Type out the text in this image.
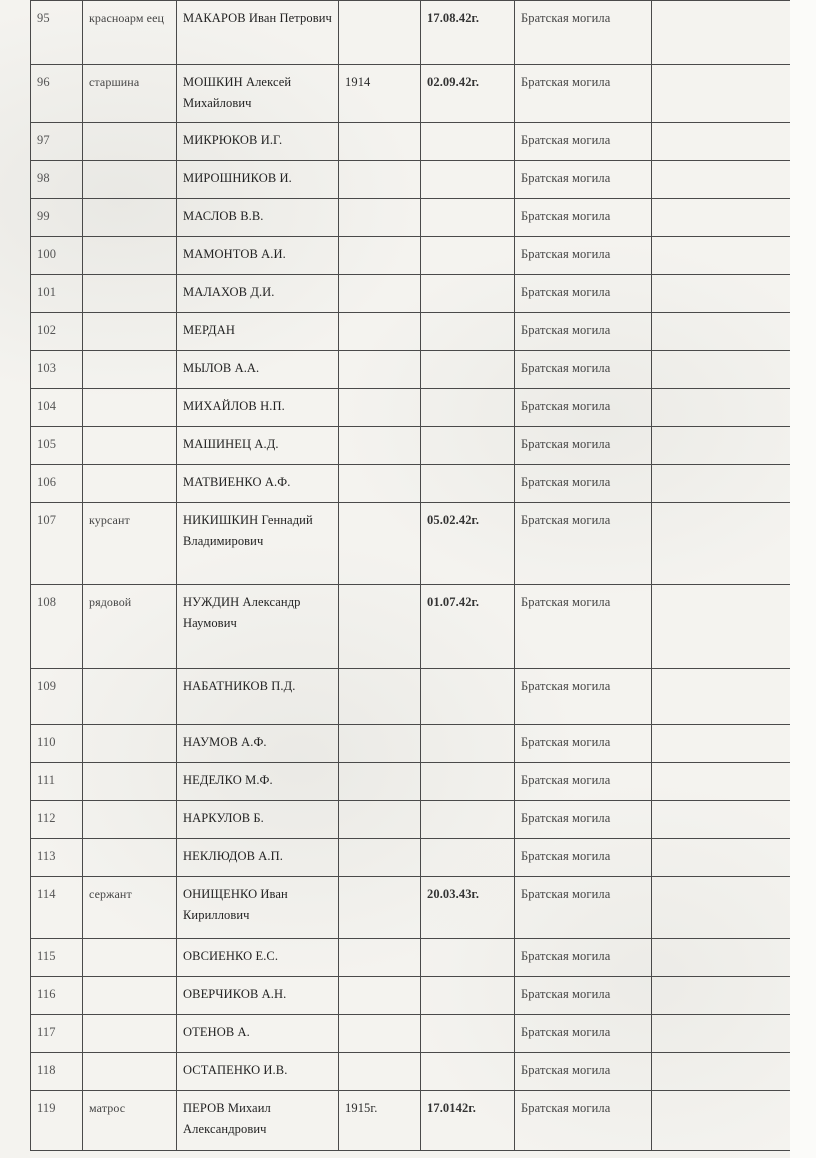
95	красноарм еец	МАКАРОВ Иван Петрович		17.08.42г.	Братская могила	
96	старшина	МОШКИН Алексей Михайлович	1914	02.09.42г.	Братская могила	
97		МИКРЮКОВ И.Г.			Братская могила	
98		МИРОШНИКОВ И.			Братская могила	
99		МАСЛОВ В.В.			Братская могила	
100		МАМОНТОВ А.И.			Братская могила	
101		МАЛАХОВ Д.И.			Братская могила	
102		МЕРДАН			Братская могила	
103		МЫЛОВ А.А.			Братская могила	
104		МИХАЙЛОВ Н.П.			Братская могила	
105		МАШИНЕЦ А.Д.			Братская могила	
106		МАТВИЕНКО А.Ф.			Братская могила	
107	курсант	НИКИШКИН Геннадий Владимирович		05.02.42г.	Братская могила	
108	рядовой	НУЖДИН Александр Наумович		01.07.42г.	Братская могила	
109		НАБАТНИКОВ П.Д.			Братская могила	
110		НАУМОВ А.Ф.			Братская могила	
111		НЕДЕЛКО М.Ф.			Братская могила	
112		НАРКУЛОВ Б.			Братская могила	
113		НЕКЛЮДОВ А.П.			Братская могила	
114	сержант	ОНИЩЕНКО Иван Кириллович		20.03.43г.	Братская могила	
115		ОВСИЕНКО Е.С.			Братская могила	
116		ОВЕРЧИКОВ А.Н.			Братская могила	
117		ОТЕНОВ А.			Братская могила	
118		ОСТАПЕНКО И.В.			Братская могила	
119	матрос	ПЕРОВ Михаил Александрович	1915г.	17.0142г.	Братская могила	
